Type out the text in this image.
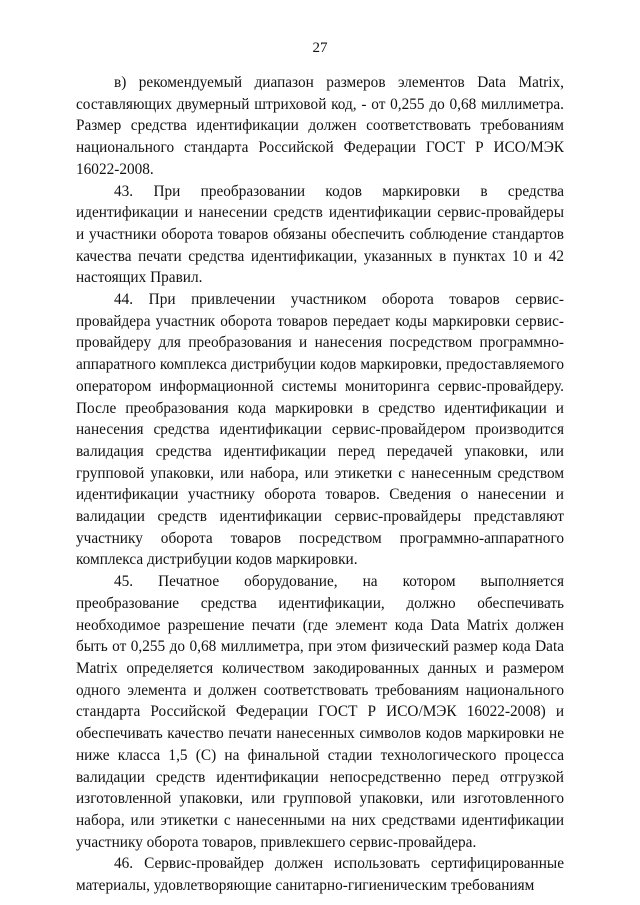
27

в) рекомендуемый диапазон размеров элементов Data Matrix, составляющих двумерный штриховой код, - от 0,255 до 0,68 миллиметра. Размер средства идентификации должен соответствовать требованиям национального стандарта Российской Федерации ГОСТ Р ИСО/МЭК 16022-2008.

43. При преобразовании кодов маркировки в средства идентификации и нанесении средств идентификации сервис-провайдеры и участники оборота товаров обязаны обеспечить соблюдение стандартов качества печати средства идентификации, указанных в пунктах 10 и 42 настоящих Правил.

44. При привлечении участником оборота товаров сервис-провайдера участник оборота товаров передает коды маркировки сервис-провайдеру для преобразования и нанесения посредством программно-аппаратного комплекса дистрибуции кодов маркировки, предоставляемого оператором информационной системы мониторинга сервис-провайдеру. После преобразования кода маркировки в средство идентификации и нанесения средства идентификации сервис-провайдером производится валидация средства идентификации перед передачей упаковки, или групповой упаковки, или набора, или этикетки с нанесенным средством идентификации участнику оборота товаров. Сведения о нанесении и валидации средств идентификации сервис-провайдеры представляют участнику оборота товаров посредством программно-аппаратного комплекса дистрибуции кодов маркировки.

45. Печатное оборудование, на котором выполняется преобразование средства идентификации, должно обеспечивать необходимое разрешение печати (где элемент кода Data Matrix должен быть от 0,255 до 0,68 миллиметра, при этом физический размер кода Data Matrix определяется количеством закодированных данных и размером одного элемента и должен соответствовать требованиям национального стандарта Российской Федерации ГОСТ Р ИСО/МЭК 16022-2008) и обеспечивать качество печати нанесенных символов кодов маркировки не ниже класса 1,5 (С) на финальной стадии технологического процесса валидации средств идентификации непосредственно перед отгрузкой изготовленной упаковки, или групповой упаковки, или изготовленного набора, или этикетки с нанесенными на них средствами идентификации участнику оборота товаров, привлекшего сервис-провайдера.

46. Сервис-провайдер должен использовать сертифицированные материалы, удовлетворяющие санитарно-гигиеническим требованиям
